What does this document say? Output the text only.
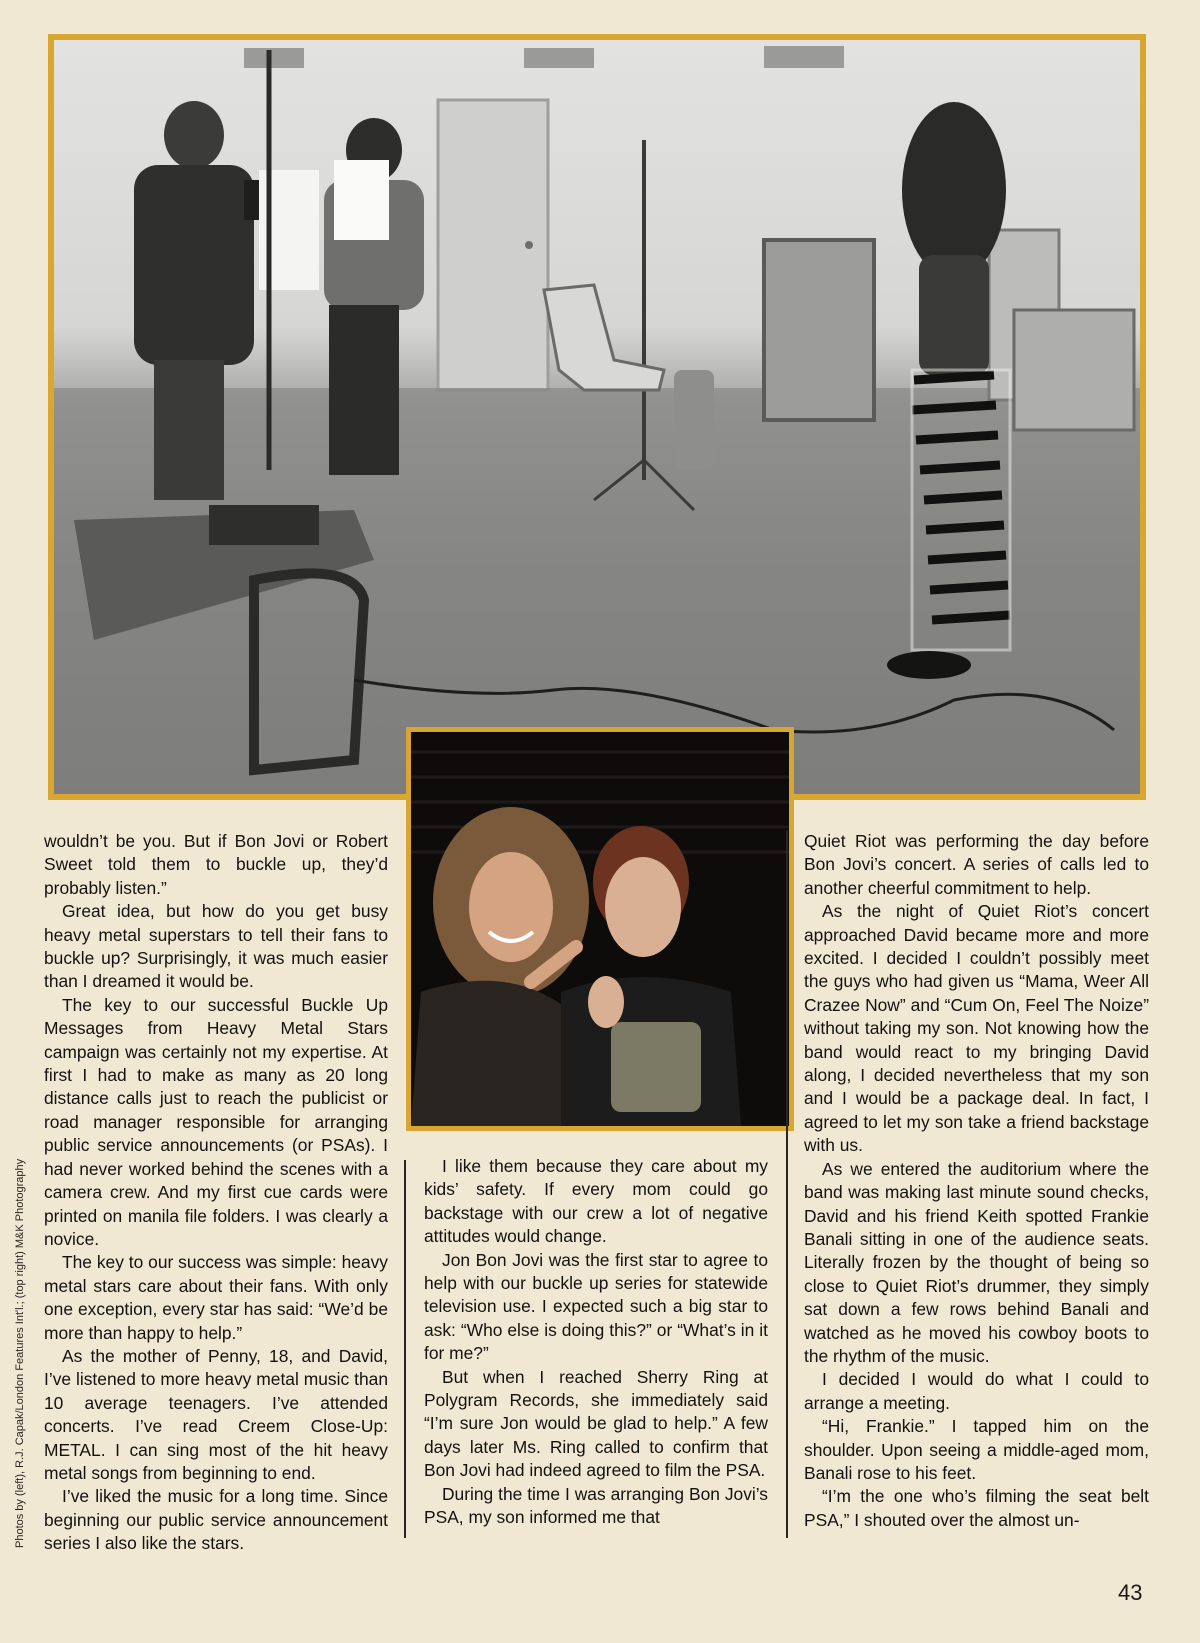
wouldn’t be you. But if Bon Jovi or Robert Sweet told them to buckle up, they’d probably listen.”

Great idea, but how do you get busy heavy metal superstars to tell their fans to buckle up? Surprisingly, it was much easier than I dreamed it would be.

The key to our successful Buckle Up Messages from Heavy Metal Stars campaign was certainly not my expertise. At first I had to make as many as 20 long distance calls just to reach the publicist or road manager responsible for arranging public service announcements (or PSAs). I had never worked behind the scenes with a camera crew. And my first cue cards were printed on manila file folders. I was clearly a novice.

The key to our success was simple: heavy metal stars care about their fans. With only one exception, every star has said: “We’d be more than happy to help.”

As the mother of Penny, 18, and David, I’ve listened to more heavy metal music than 10 average teenagers. I’ve attended concerts. I’ve read Creem Close-Up: METAL. I can sing most of the hit heavy metal songs from beginning to end.

I’ve liked the music for a long time. Since beginning our public service announcement series I also like the stars.

I like them because they care about my kids’ safety. If every mom could go backstage with our crew a lot of negative attitudes would change.

Jon Bon Jovi was the first star to agree to help with our buckle up series for statewide television use. I expected such a big star to ask: “Who else is doing this?” or “What’s in it for me?”

But when I reached Sherry Ring at Polygram Records, she immediately said “I’m sure Jon would be glad to help.” A few days later Ms. Ring called to confirm that Bon Jovi had indeed agreed to film the PSA.

During the time I was arranging Bon Jovi’s PSA, my son informed me that

Quiet Riot was performing the day before Bon Jovi’s concert. A series of calls led to another cheerful commitment to help.

As the night of Quiet Riot’s concert approached David became more and more excited. I decided I couldn’t possibly meet the guys who had given us “Mama, Weer All Crazee Now” and “Cum On, Feel The Noize” without taking my son. Not knowing how the band would react to my bringing David along, I decided nevertheless that my son and I would be a package deal. In fact, I agreed to let my son take a friend backstage with us.

As we entered the auditorium where the band was making last minute sound checks, David and his friend Keith spotted Frankie Banali sitting in one of the audience seats. Literally frozen by the thought of being so close to Quiet Riot’s drummer, they simply sat down a few rows behind Banali and watched as he moved his cowboy boots to the rhythm of the music.

I decided I would do what I could to arrange a meeting.

“Hi, Frankie.” I tapped him on the shoulder. Upon seeing a middle-aged mom, Banali rose to his feet.

“I’m the one who’s filming the seat belt PSA,” I shouted over the almost un-

Photos by (left), R.J. Capak/London Features Int'l.; (top right) M&K Photography
43
